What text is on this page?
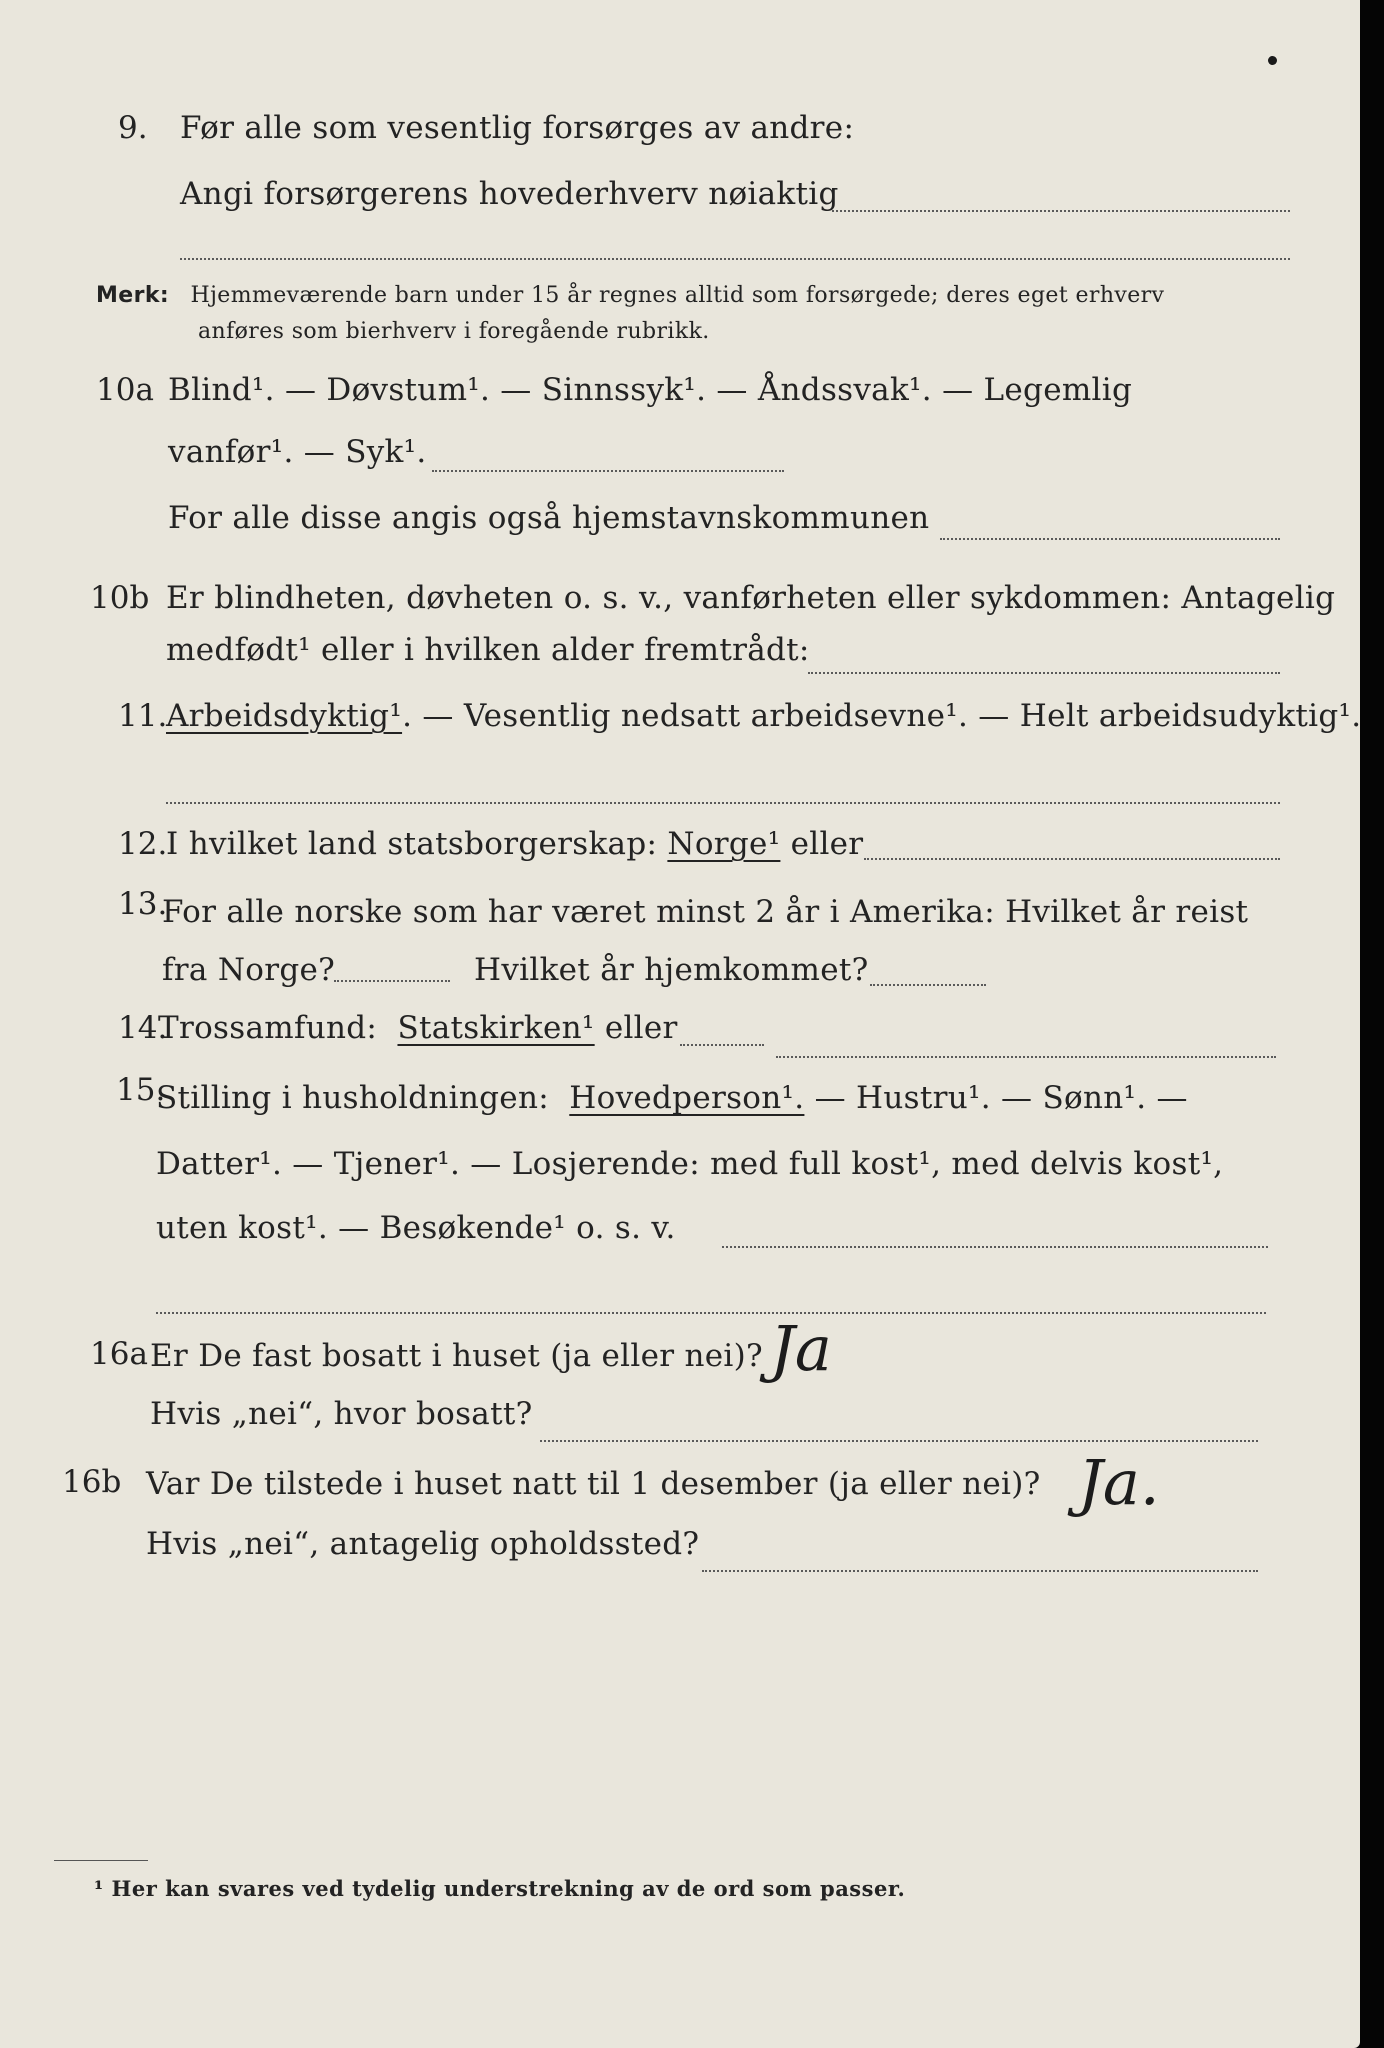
9. Før alle som vesentlig forsørges av andre:
Angi forsørgerens hovederhverv nøiaktig
Merk: Hjemmeværende barn under 15 år regnes alltid som forsørgede; deres eget erhverv
anføres som bierhverv i foregående rubrikk.
10a Blind¹. — Døvstum¹. — Sinnssyk¹. — Åndssvak¹. — Legemlig
vanfør¹. — Syk¹.
For alle disse angis også hjemstavnskommunen
10b Er blindheten, døvheten o. s. v., vanførheten eller sykdommen: Antagelig
medfødt¹ eller i hvilken alder fremtrådt:
11.
Arbeidsdyktig¹. — Vesentlig nedsatt arbeidsevne¹. — Helt arbeidsudyktig¹.
12.
I hvilket land statsborgerskap: Norge¹ eller
13.
For alle norske som har været minst 2 år i Amerika: Hvilket år reist
fra Norge?	Hvilket år hjemkommet?
14.
Trossamfund: Statskirken¹ eller
15.
Stilling i husholdningen: Hovedperson¹. — Hustru¹. — Sønn¹. —
Datter¹. — Tjener¹. — Losjerende: med full kost¹, med delvis kost¹,
uten kost¹. — Besøkende¹ o. s. v.
16a Er De fast bosatt i huset (ja eller nei)? Ja
Hvis „nei“, hvor bosatt?
16b Var De tilstede i huset natt til 1 desember (ja eller nei)? Ja.
Hvis „nei“, antagelig opholdssted?
¹ Her kan svares ved tydelig understrekning av de ord som passer.
